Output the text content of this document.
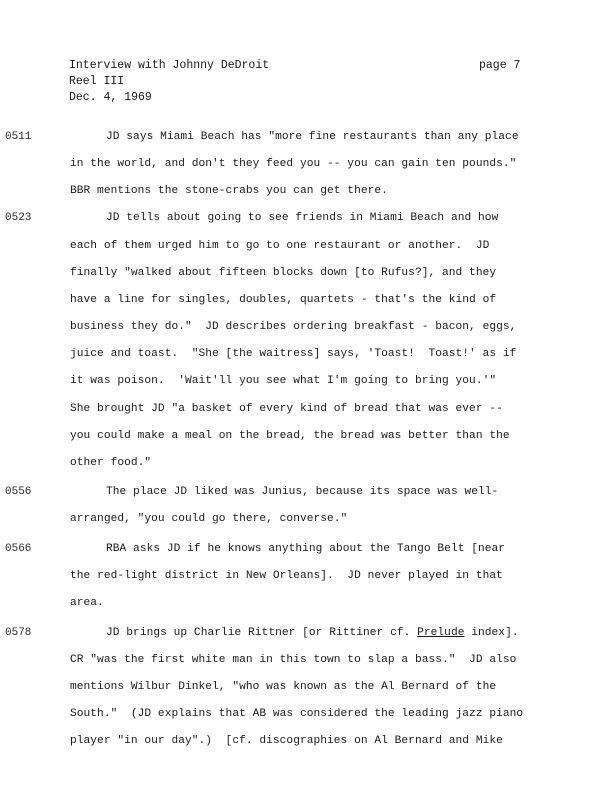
Interview with Johnny DeDroit
Reel III
Dec. 4, 1969
page 7
0511	JD says Miami Beach has "more fine restaurants than any place
in the world, and don't they feed you -- you can gain ten pounds."
BBR mentions the stone-crabs you can get there.
0523	JD tells about going to see friends in Miami Beach and how
each of them urged him to go to one restaurant or another.  JD
finally "walked about fifteen blocks down [to Rufus?], and they
have a line for singles, doubles, quartets - that's the kind of
business they do."  JD describes ordering breakfast - bacon, eggs,
juice and toast.  "She [the waitress] says, 'Toast!  Toast!' as if
it was poison.  'Wait'll you see what I'm going to bring you.'"
She brought JD "a basket of every kind of bread that was ever --
you could make a meal on the bread, the bread was better than the
other food."
0556	The place JD liked was Junius, because its space was well-
arranged, "you could go there, converse."
0566	RBA asks JD if he knows anything about the Tango Belt [near
the red-light district in New Orleans].  JD never played in that
area.
0578	JD brings up Charlie Rittner [or Rittiner cf. Prelude index].
CR "was the first white man in this town to slap a bass."  JD also
mentions Wilbur Dinkel, "who was known as the Al Bernard of the
South."  (JD explains that AB was considered the leading jazz piano
player "in our day".)  [cf. discographies on Al Bernard and Mike
